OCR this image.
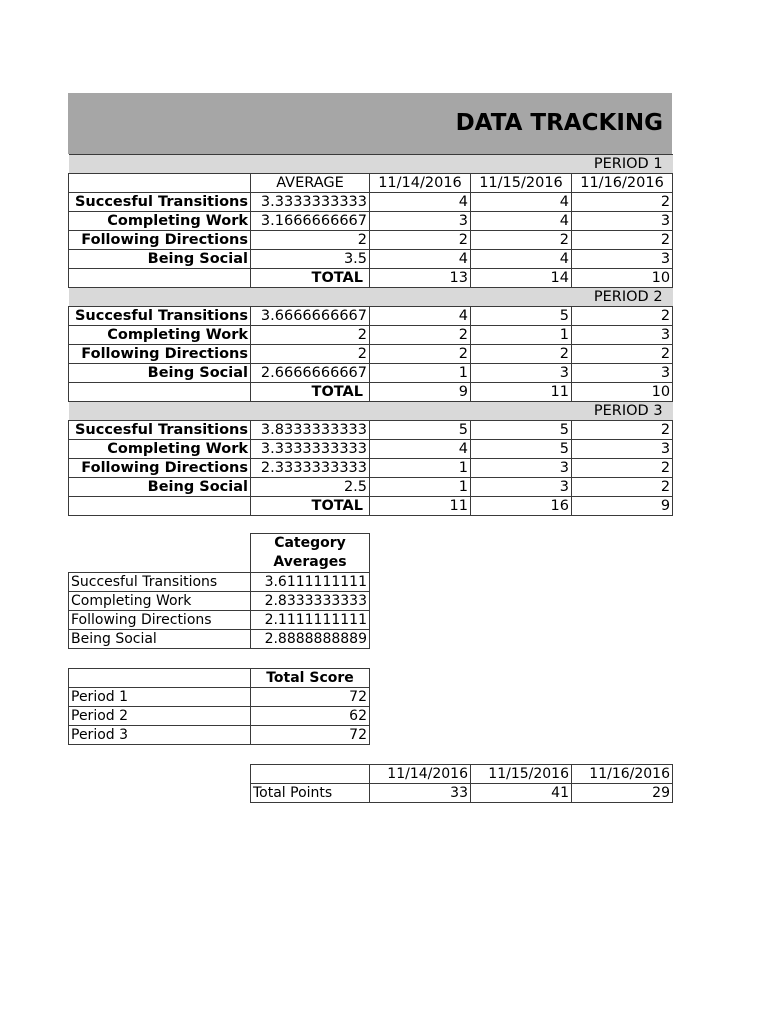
DATA TRACKING
PERIOD 1				
	AVERAGE	11/14/2016	11/15/2016	11/16/2016
Succesful Transitions	3.3333333333	4	4	2
Completing Work	3.1666666667	3	4	3
Following Directions	2	2	2	2
Being Social	3.5	4	4	3
	TOTAL	13	14	10
PERIOD 2				
Succesful Transitions	3.6666666667	4	5	2
Completing Work	2	2	1	3
Following Directions	2	2	2	2
Being Social	2.6666666667	1	3	3
	TOTAL	9	11	10
PERIOD 3				
Succesful Transitions	3.8333333333	5	5	2
Completing Work	3.3333333333	4	5	3
Following Directions	2.3333333333	1	3	2
Being Social	2.5	1	3	2
	TOTAL	11	16	9

	Category
Averages

Succesful Transitions	3.6111111111
Completing Work	2.8333333333
Following Directions	2.1111111111
Being Social	2.8888888889
	Total Score
Period 1	72
Period 2	62
Period 3	72
	11/14/2016	11/15/2016	11/16/2016
Total Points	33	41	29
